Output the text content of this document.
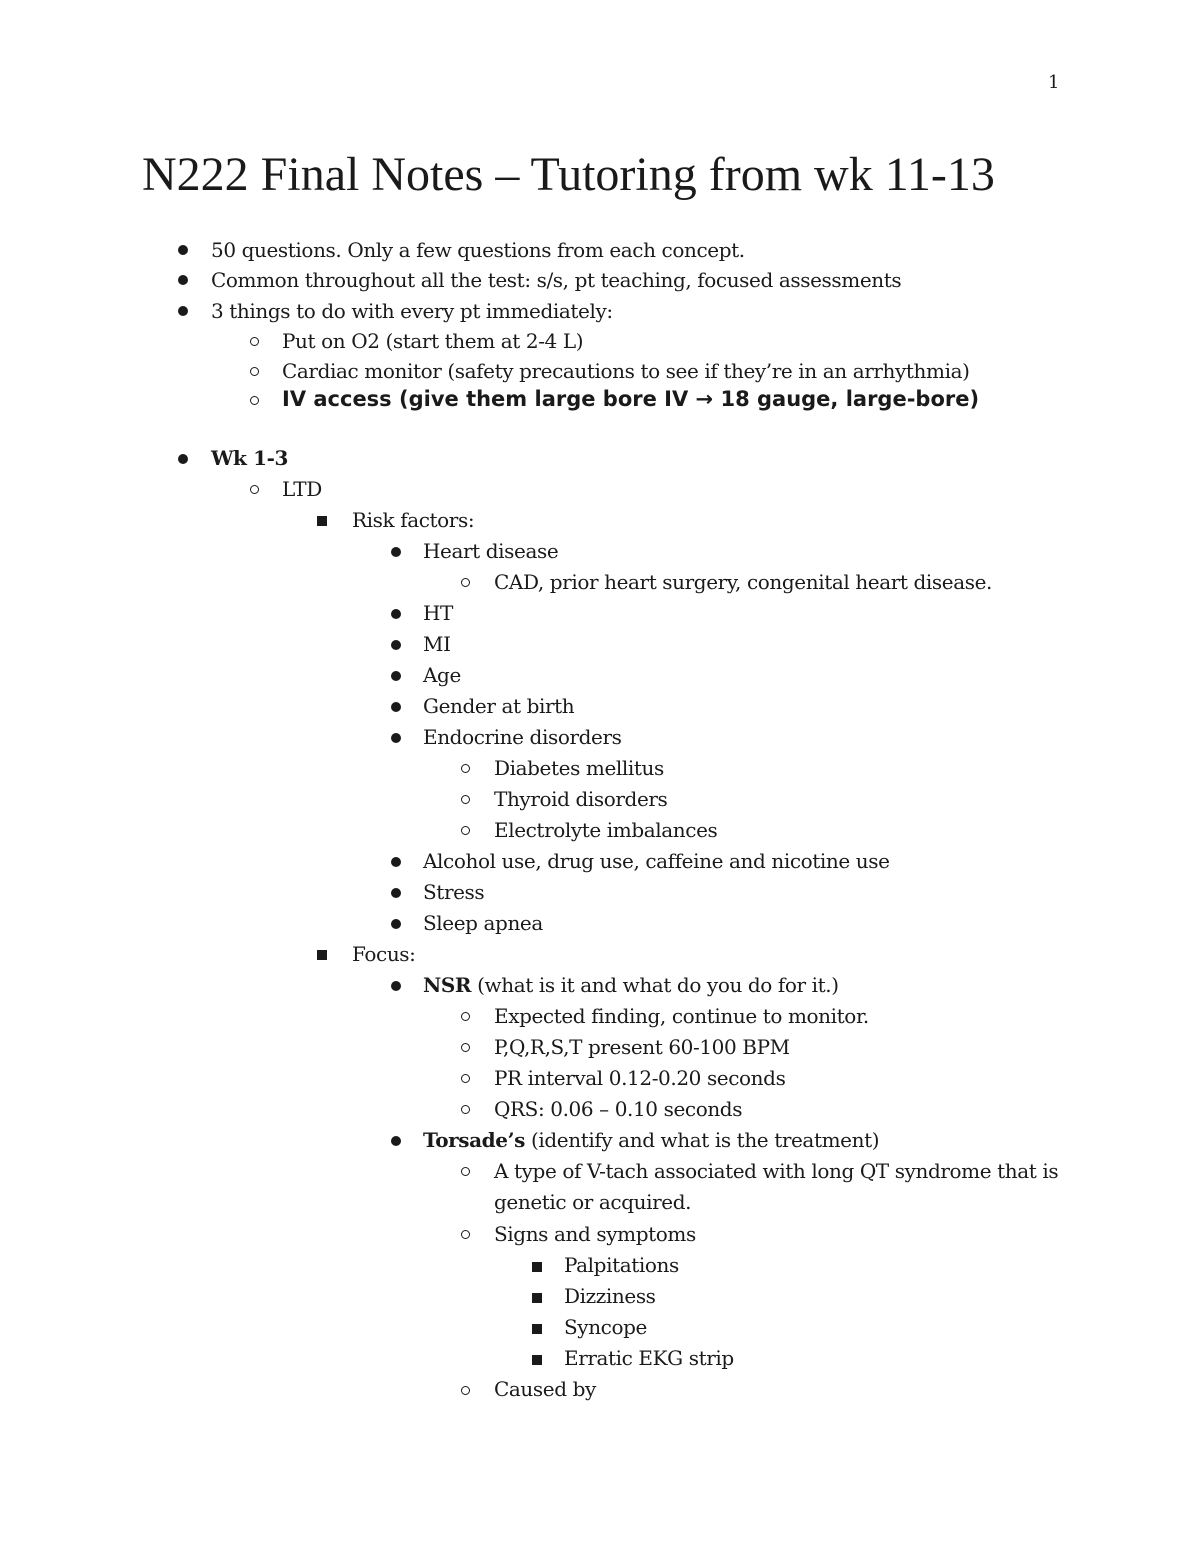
1
N222 Final Notes – Tutoring from wk 11-13
50 questions. Only a few questions from each concept.
Common throughout all the test: s/s, pt teaching, focused assessments
3 things to do with every pt immediately:
Put on O2 (start them at 2-4 L)
Cardiac monitor (safety precautions to see if they’re in an arrhythmia)
IV access (give them large bore IV → 18 gauge, large-bore)
Wk 1-3
LTD
Risk factors:
Heart disease
CAD, prior heart surgery, congenital heart disease.
HT
MI
Age
Gender at birth
Endocrine disorders
Diabetes mellitus
Thyroid disorders
Electrolyte imbalances
Alcohol use, drug use, caffeine and nicotine use
Stress
Sleep apnea
Focus:
NSR (what is it and what do you do for it.)
Expected finding, continue to monitor.
P,Q,R,S,T present 60-100 BPM
PR interval 0.12-0.20 seconds
QRS: 0.06 – 0.10 seconds
Torsade’s (identify and what is the treatment)
A type of V-tach associated with long QT syndrome that is genetic or acquired.
Signs and symptoms
Palpitations
Dizziness
Syncope
Erratic EKG strip
Caused by
